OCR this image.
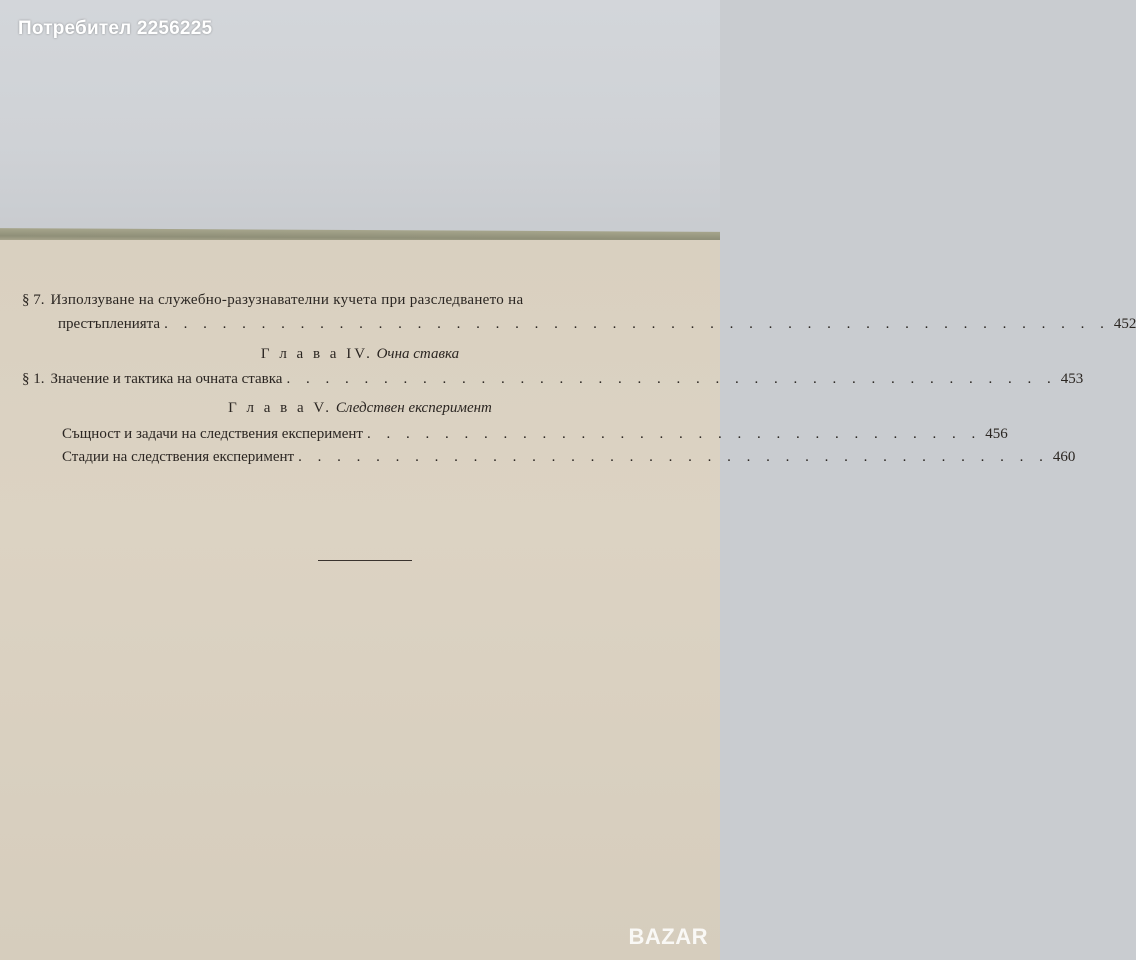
Потребител 2256225
§ 7. Използуване на служебно-разузнавателни кучета при разследването на
престъпленията . . . . . . . . . . . . . . . . . . . . . . . . . . . . . . . . . . . . . . . . . . . . . . . . . 452
Г л а в а IV. Очна ставка
§ 1. Значение и тактика на очната ставка . . . . . . . . . . . . . . . . . . . . . . . . . . . . . . . . . . . . . . . . 453
Г л а в а V. Следствен експеримент
Същност и задачи на следствения експеримент . . . . . . . . . . . . . . . . . . . . . . . . . . . . . . . . 456
Стадии на следствения експеримент . . . . . . . . . . . . . . . . . . . . . . . . . . . . . . . . . . . . . . . 460
BAZAR
